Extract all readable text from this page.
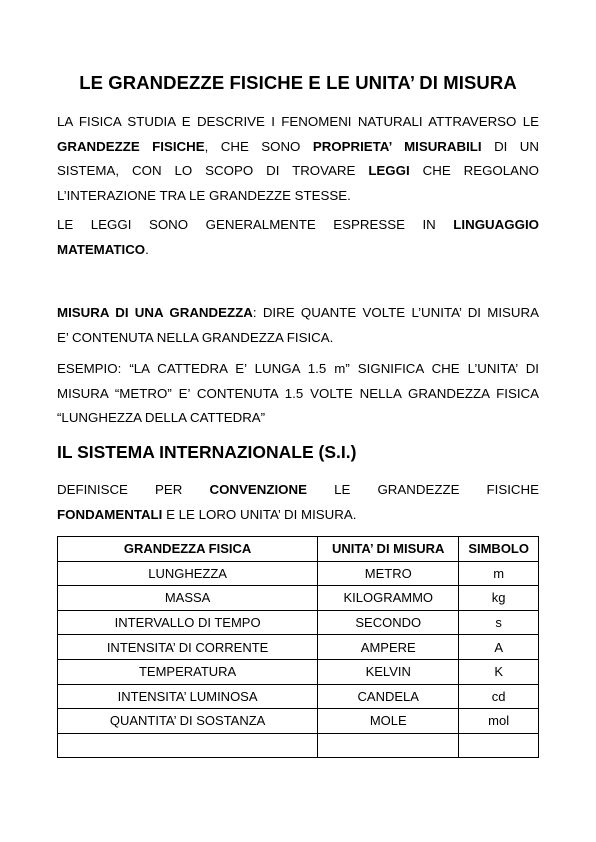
LE GRANDEZZE FISICHE E LE UNITA’ DI MISURA
LA FISICA STUDIA E DESCRIVE I FENOMENI NATURALI ATTRAVERSO LE
GRANDEZZE FISICHE, CHE SONO PROPRIETA’ MISURABILI DI UN
SISTEMA, CON LO SCOPO DI TROVARE LEGGI CHE REGOLANO
L’INTERAZIONE TRA LE GRANDEZZE STESSE.
LE LEGGI SONO GENERALMENTE ESPRESSE IN LINGUAGGIO
MATEMATICO.
MISURA DI UNA GRANDEZZA: DIRE QUANTE VOLTE L’UNITA’ DI MISURA
E’ CONTENUTA NELLA GRANDEZZA FISICA.
ESEMPIO: “LA CATTEDRA E’ LUNGA 1.5 m” SIGNIFICA CHE L’UNITA’ DI
MISURA “METRO” E’ CONTENUTA 1.5 VOLTE NELLA GRANDEZZA FISICA
“LUNGHEZZA DELLA CATTEDRA”
IL SISTEMA INTERNAZIONALE (S.I.)
DEFINISCE PER CONVENZIONE LE GRANDEZZE FISICHE
FONDAMENTALI E LE LORO UNITA’ DI MISURA.
GRANDEZZA FISICA	UNITA’ DI MISURA	SIMBOLO
LUNGHEZZA	METRO	m
MASSA	KILOGRAMMO	kg
INTERVALLO DI TEMPO	SECONDO	s
INTENSITA’ DI CORRENTE	AMPERE	A
TEMPERATURA	KELVIN	K
INTENSITA’ LUMINOSA	CANDELA	cd
QUANTITA’ DI SOSTANZA	MOLE	mol
